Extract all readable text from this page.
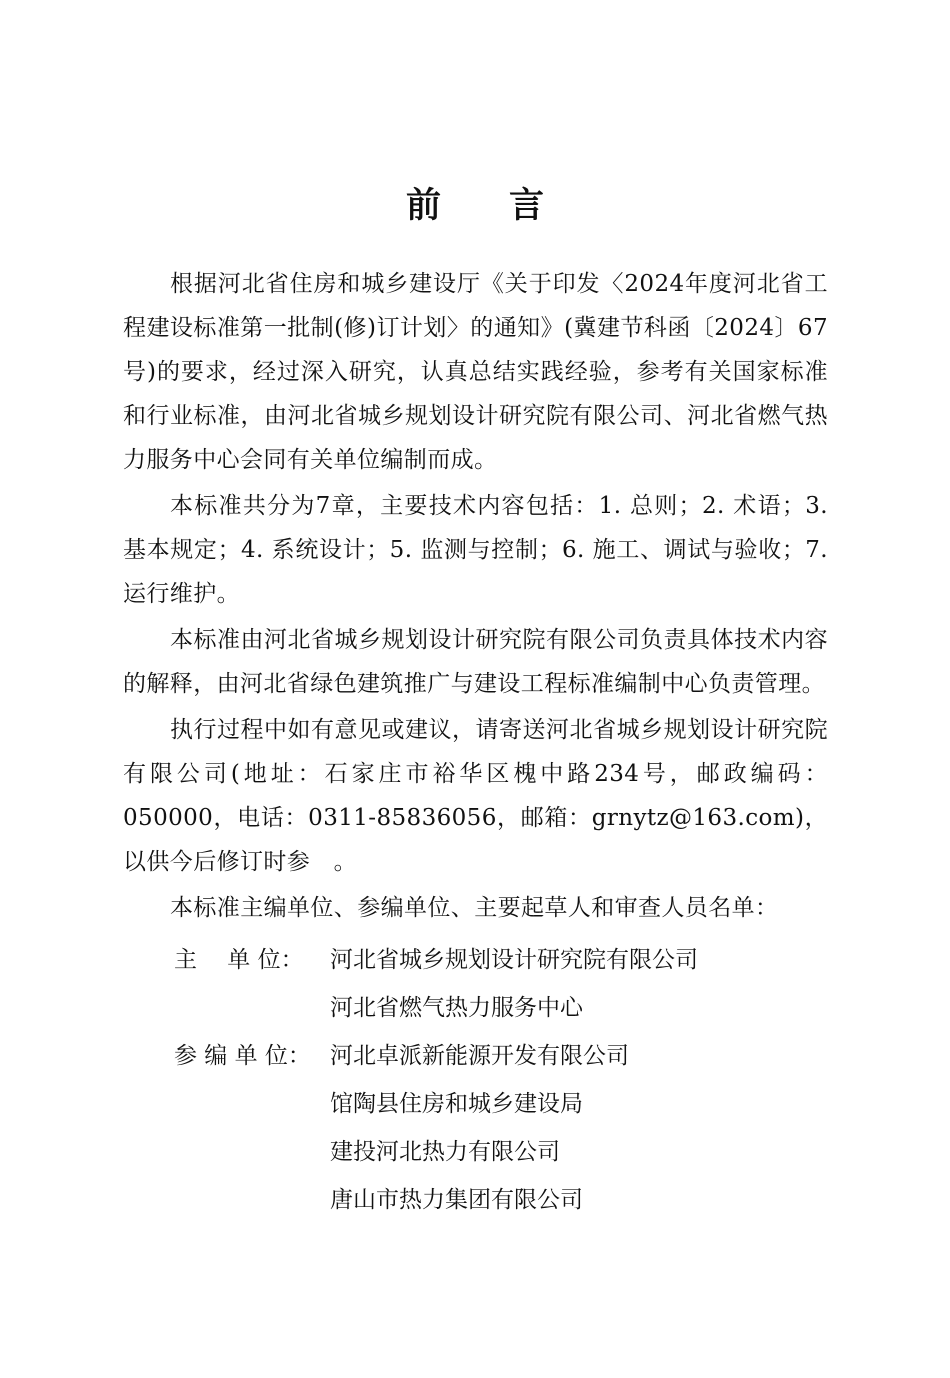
前言

根据河北省住房和城乡建设厅《关于印发〈2024年度河北省工程建设标准第一批制(修)订计划〉的通知》(冀建节科函〔2024〕67号)的要求，经过深入研究，认真总结实践经验，参考有关国家标准和行业标准，由河北省城乡规划设计研究院有限公司、河北省燃气热力服务中心会同有关单位编制而成。

本标准共分为7章，主要技术内容包括：1. 总则；2. 术语；3. 基本规定；4. 系统设计；5. 监测与控制；6. 施工、调试与验收；7. 运行维护。

本标准由河北省城乡规划设计研究院有限公司负责具体技术内容的解释，由河北省绿色建筑推广与建设工程标准编制中心负责管理。

执行过程中如有意见或建议，请寄送河北省城乡规划设计研究院有限公司(地址：石家庄市裕华区槐中路234号，邮政编码：050000，电话：0311-85836056，邮箱：grnytz@163.com)，以供今后修订时参　。

本标准主编单位、参编单位、主要起草人和审查人员名单：

主　 单 位：	河北省城乡规划设计研究院有限公司
河北省燃气热力服务中心
参 编 单 位： 河北卓派新能源开发有限公司
馆陶县住房和城乡建设局
建投河北热力有限公司
唐山市热力集团有限公司
